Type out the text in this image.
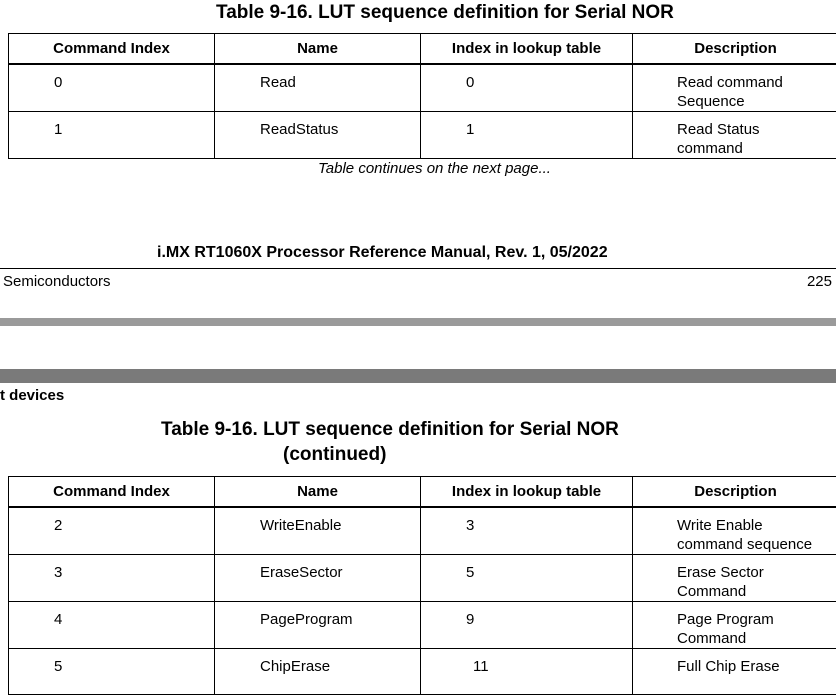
Table 9-16. LUT sequence definition for Serial NOR
Command Index	Name	Index in lookup table	Description

0	Read	0	Read command
Sequence

1	ReadStatus	1	Read Status
command
Table continues on the next page...
i.MX RT1060X Processor Reference Manual, Rev. 1, 05/2022
Semiconductors	225
t devices
Table 9-16. LUT sequence definition for Serial NOR
(continued)
Command Index	Name	Index in lookup table	Description

2	WriteEnable	3	Write Enable
command sequence

3	EraseSector	5	Erase Sector
Command

4	PageProgram	9	Page Program
Command

5	ChipErase	11	Full Chip Erase
